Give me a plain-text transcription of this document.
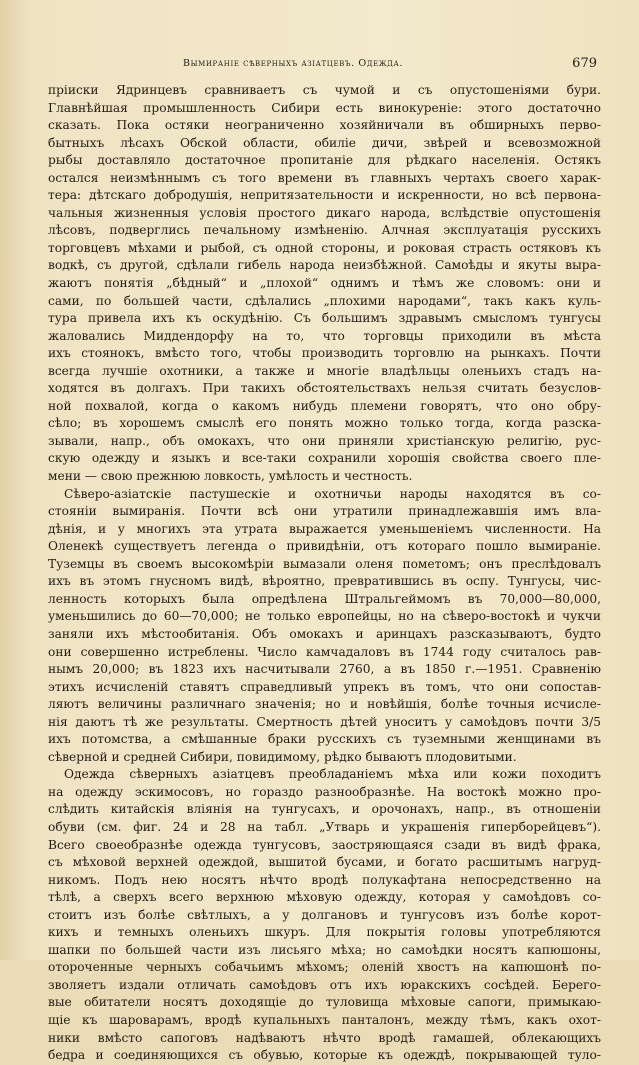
Вымираніе сѣверныхъ азіатцевъ. Одежда.	679
пріиски Ядринцевъ сравниваетъ съ чумой и съ опустошеніями бури.
Главнѣйшая промышленность Сибири есть винокуреніе: этого достаточно
сказать. Пока остяки неограниченно хозяйничали въ обширныхъ перво-
бытныхъ лѣсахъ Обской области, обиліе дичи, звѣрей и всевозможной
рыбы доставляло достаточное пропитаніе для рѣдкаго населенія. Остякъ
остался неизмѣннымъ съ того времени въ главныхъ чертахъ своего харак-
тера: дѣтскаго добродушія, непритязательности и искренности, но всѣ первона-
чальныя жизненныя условія простого дикаго народа, вслѣдствіе опустошенія
лѣсовъ, подверглись печальному измѣненію. Алчная эксплуатація русскихъ
торговцевъ мѣхами и рыбой, съ одной стороны, и роковая страсть остяковъ къ
водкѣ, съ другой, сдѣлали гибель народа неизбѣжной. Самоѣды и якуты выра-
жаютъ понятія „бѣдный“ и „плохой“ однимъ и тѣмъ же словомъ: они и
сами, по большей части, сдѣлались „плохими народами“, такъ какъ куль-
тура привела ихъ къ оскудѣнію. Съ большимъ здравымъ смысломъ тунгусы
жаловались Миддендорфу на то, что торговцы приходили въ мѣста
ихъ стоянокъ, вмѣсто того, чтобы производить торговлю на рынкахъ. Почти
всегда лучшіе охотники, а также и многіе владѣльцы оленьихъ стадъ на-
ходятся въ долгахъ. При такихъ обстоятельствахъ нельзя считать безуслов-
ной похвалой, когда о какомъ нибудь племени говорятъ, что оно обру-
сѣло; въ хорошемъ смыслѣ его понять можно только тогда, когда разска-
зывали, напр., объ омокахъ, что они приняли христіанскую религію, рус-
скую одежду и языкъ и все-таки сохранили хорошія свойства своего пле-
мени — свою прежнюю ловкость, умѣлость и честность.
Сѣверо-азіатскіе пастушескіе и охотничьи народы находятся въ со-
стояніи вымиранія. Почти всѣ они утратили принадлежавшія имъ вла-
дѣнія, и у многихъ эта утрата выражается уменьшеніемъ численности. На
Оленекѣ существуетъ легенда о привидѣніи, отъ котораго пошло вымираніе.
Туземцы въ своемъ высокомѣріи вымазали оленя пометомъ; онъ преслѣдовалъ
ихъ въ этомъ гнусномъ видѣ, вѣроятно, превратившись въ оспу. Тунгусы, чис-
ленность которыхъ была опредѣлена Штральгеймомъ въ 70,000—80,000,
уменьшились до 60—70,000; не только европейцы, но на сѣверо-востокѣ и чукчи
заняли ихъ мѣстообитанія. Объ омокахъ и аринцахъ разсказываютъ, будто
они совершенно истреблены. Число камчадаловъ въ 1744 году считалось рав-
нымъ 20,000; въ 1823 ихъ насчитывали 2760, а въ 1850 г.—1951. Сравненію
этихъ исчисленій ставятъ справедливый упрекъ въ томъ, что они сопостав-
ляютъ величины различнаго значенія; но и новѣйшія, болѣе точныя исчисле-
нія даютъ тѣ же результаты. Смертность дѣтей уноситъ у самоѣдовъ почти 3/5
ихъ потомства, а смѣшанные браки русскихъ съ туземными женщинами въ
сѣверной и средней Сибири, повидимому, рѣдко бываютъ плодовитыми.
Одежда сѣверныхъ азіатцевъ преобладаніемъ мѣха или кожи походитъ
на одежду эскимосовъ, но гораздо разнообразнѣе. На востокѣ можно про-
слѣдить китайскія вліянія на тунгусахъ, и орочонахъ, напр., въ отношеніи
обуви (см. фиг. 24 и 28 на табл. „Утварь и украшенія гиперборейцевъ“).
Всего своеобразнѣе одежда тунгусовъ, заостряющаяся сзади въ видѣ фрака,
съ мѣховой верхней одеждой, вышитой бусами, и богато расшитымъ нагруд-
никомъ. Подъ нею носятъ нѣчто вродѣ полукафтана непосредственно на
тѣлѣ, а сверхъ всего верхнюю мѣховую одежду, которая у самоѣдовъ со-
стоитъ изъ болѣе свѣтлыхъ, а у долгановъ и тунгусовъ изъ болѣе корот-
кихъ и темныхъ оленьихъ шкуръ. Для покрытія головы употребляются
шапки по большей части изъ лисьяго мѣха; но самоѣдки носятъ капюшоны,
отороченные черныхъ собачьимъ мѣхомъ; оленій хвостъ на капюшонѣ по-
зволяетъ издали отличать самоѣдовъ отъ ихъ юракскихъ сосѣдей. Берего-
вые обитатели носятъ доходящіе до туловища мѣховые сапоги, примыкаю-
щіе къ шароварамъ, вродѣ купальныхъ панталонъ, между тѣмъ, какъ охот-
ники вмѣсто сапоговъ надѣваютъ нѣчто вродѣ гамашей, облекающихъ
бедра и соединяющихся съ обувью, которые къ одеждѣ, покрывающей туло-
